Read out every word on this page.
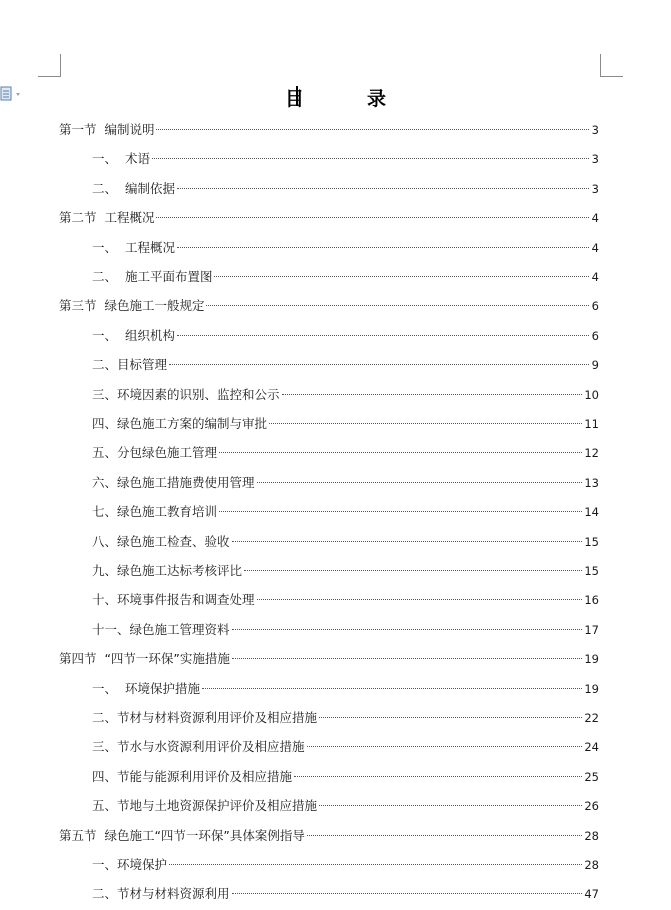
目　录
第一节  编制说明	3
一、  术语	3
二、  编制依据	3
第二节  工程概况	4
一、  工程概况	4
二、  施工平面布置图	4
第三节  绿色施工一般规定	6
一、  组织机构	6
二、目标管理	9
三、环境因素的识别、监控和公示	10
四、绿色施工方案的编制与审批	11
五、分包绿色施工管理	12
六、绿色施工措施费使用管理	13
七、绿色施工教育培训	14
八、绿色施工检查、验收	15
九、绿色施工达标考核评比	15
十、环境事件报告和调查处理	16
十一、绿色施工管理资料	17
第四节  “四节一环保”实施措施	19
一、  环境保护措施	19
二、节材与材料资源利用评价及相应措施	22
三、节水与水资源利用评价及相应措施	24
四、节能与能源利用评价及相应措施	25
五、节地与土地资源保护评价及相应措施	26
第五节  绿色施工“四节一环保”具体案例指导	28
一、环境保护	28
二、节材与材料资源利用	47
